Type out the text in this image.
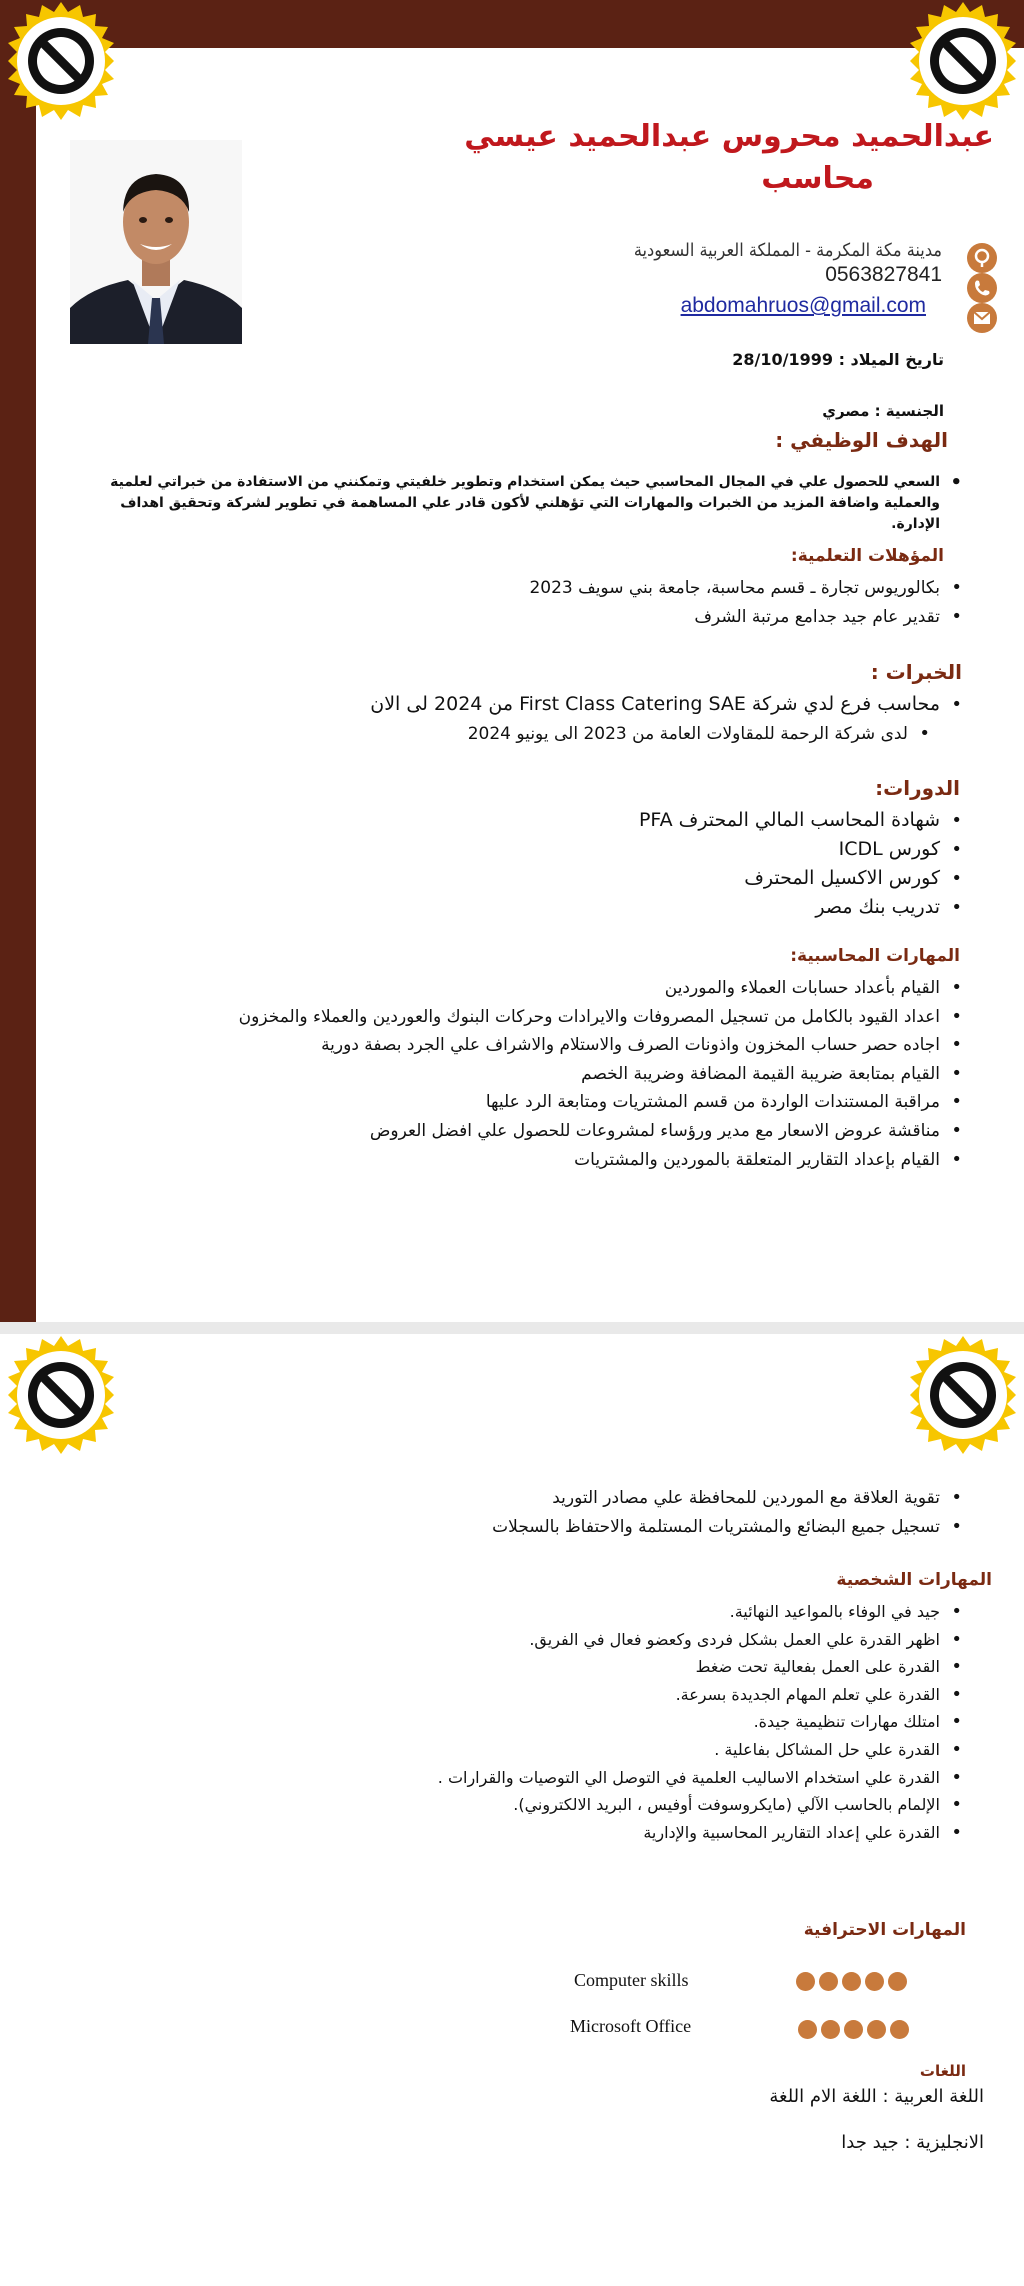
عبدالحميد محروس عبدالحميد عيسي
محاسب
مدينة مكة المكرمة - المملكة العربية السعودية
0563827841
abdomahruos@gmail.com
تاريخ الميلاد : 28/10/1999
الجنسية : مصري
الهدف الوظيفي :
• السعي للحصول علي في المجال المحاسبي حيث يمكن استخدام وتطوير خلفيتي وتمكنني من الاستفادة من خبراتي لعلمية والعملية واضافة المزيد من الخبرات والمهارات التي تؤهلني لأكون قادر علي المساهمة في تطوير لشركة وتحقيق اهداف الإدارة.
المؤهلات التعلمية:
• بكالوريوس تجارة ـ قسم محاسبة، جامعة بني سويف 2023
• تقدير عام جيد جدامع مرتبة الشرف
الخبرات :
• محاسب فرع لدي شركة First Class Catering SAE من 2024 لى الان
• لدى شركة الرحمة للمقاولات العامة من 2023 الى يونيو 2024
الدورات:
• شهادة المحاسب المالي المحترف PFA
• كورس ICDL
• كورس الاكسيل المحترف
• تدريب بنك مصر
المهارات المحاسبية:
• القيام بأعداد حسابات العملاء والموردين
• اعداد القيود بالكامل من تسجيل المصروفات والايرادات وحركات البنوك والعوردين والعملاء والمخزون
• اجاده حصر حساب المخزون واذونات الصرف والاستلام والاشراف علي الجرد بصفة دورية
• القيام بمتابعة ضريبة القيمة المضافة وضريبة الخصم
• مراقبة المستندات الواردة من قسم المشتريات ومتابعة الرد عليها
• مناقشة عروض الاسعار مع مدير ورؤساء لمشروعات للحصول علي افضل العروض
• القيام بإعداد التقارير المتعلقة بالموردين والمشتريات
• تقوية العلاقة مع الموردين للمحافظة علي مصادر التوريد
• تسجيل جميع البضائع والمشتريات المستلمة والاحتفاظ بالسجلات
المهارات الشخصية
• جيد في الوفاء بالمواعيد النهائية.
• اظهر القدرة علي العمل بشكل فردى وكعضو فعال في الفريق.
• القدرة على العمل بفعالية تحت ضغط
• القدرة علي تعلم المهام الجديدة بسرعة.
• امتلك مهارات تنظيمية جيدة.
• القدرة علي حل المشاكل بفاعلية .
• القدرة علي استخدام الاساليب العلمية في التوصل الي التوصيات والقرارات .
• الإلمام بالحاسب الآلي (مايكروسوفت أوفيس ، البريد الالكتروني).
• القدرة علي إعداد التقارير المحاسبية والإدارية
المهارات الاحترافية
Computer skills
Microsoft Office
اللغات
اللغة العربية : اللغة الام اللغة
الانجليزية : جيد جدا
